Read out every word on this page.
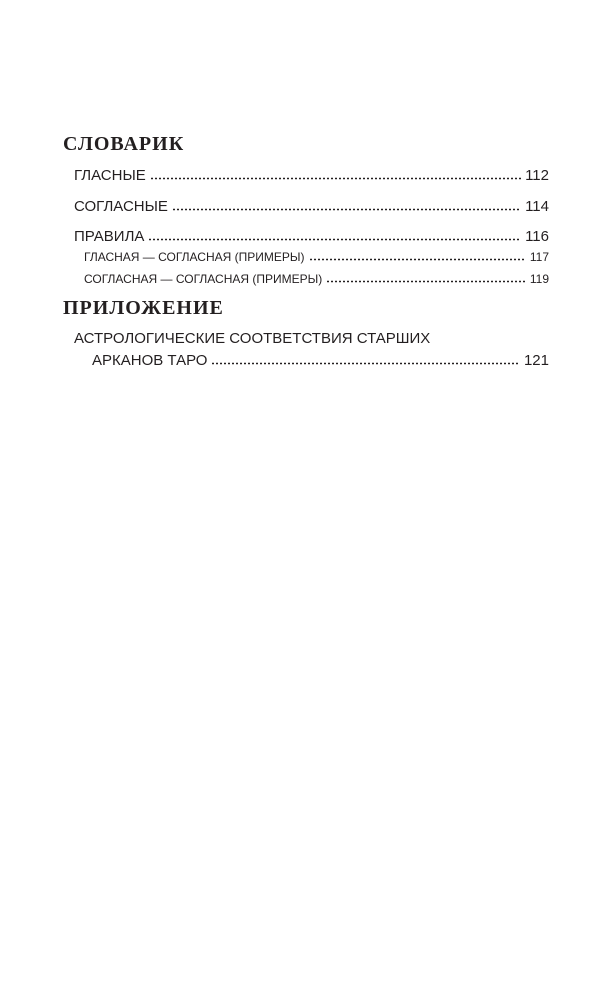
СЛОВАРИК
ГЛАСНЫЕ	112
СОГЛАСНЫЕ	114
ПРАВИЛА	116
ГЛАСНАЯ — СОГЛАСНАЯ (ПРИМЕРЫ)	117
СОГЛАСНАЯ — СОГЛАСНАЯ (ПРИМЕРЫ)	119
ПРИЛОЖЕНИЕ
АСТРОЛОГИЧЕСКИЕ СООТВЕТСТВИЯ СТАРШИХ
АРКАНОВ ТАРО	121
